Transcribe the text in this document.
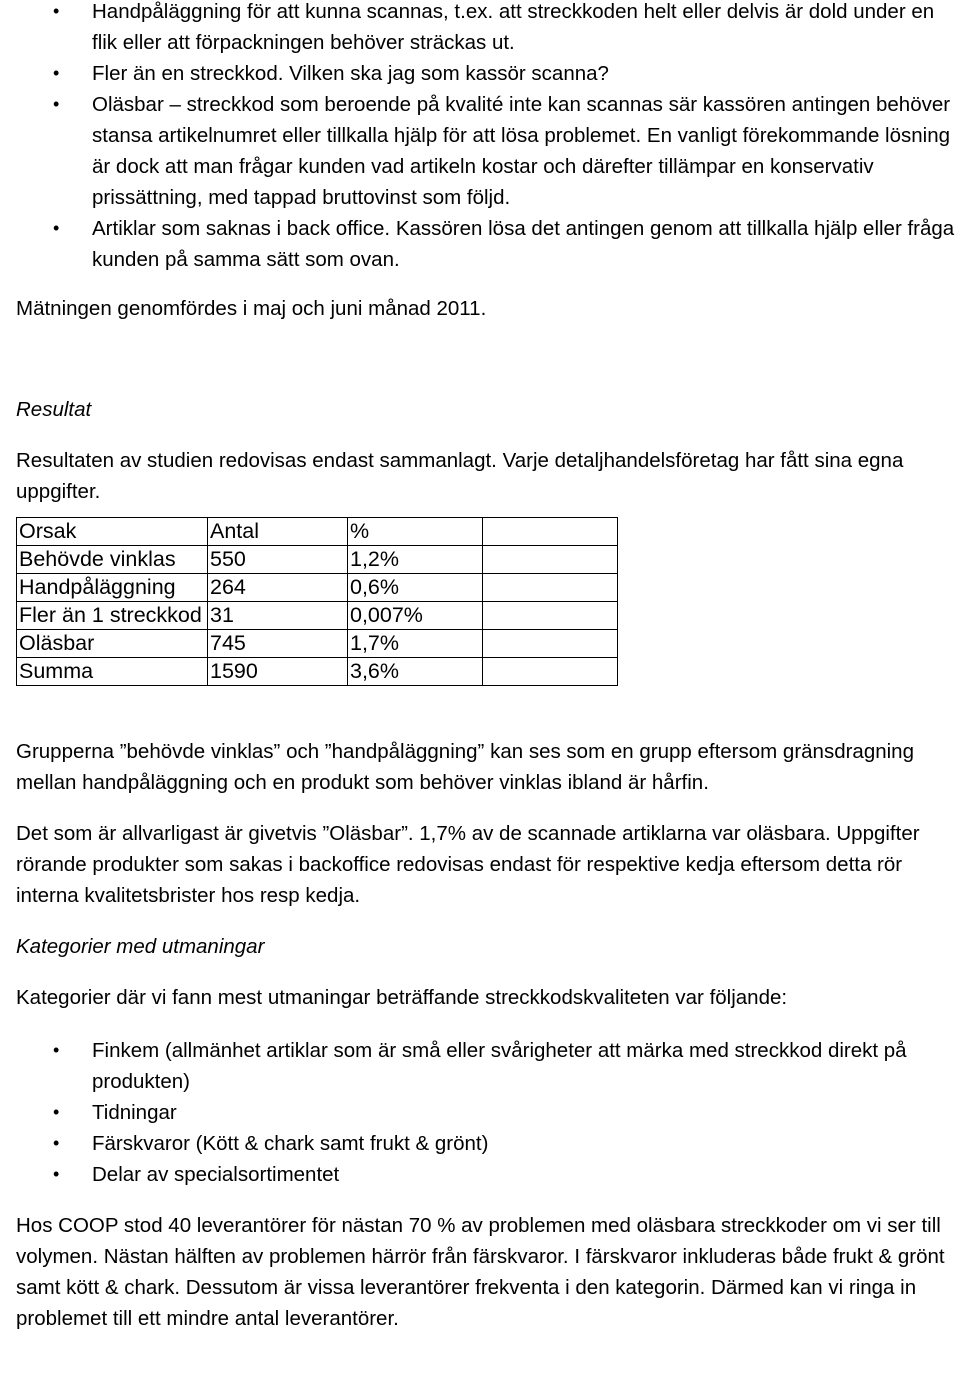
• Handpåläggning för att kunna scannas, t.ex. att streckkoden helt eller delvis är dold under en flik eller att förpackningen behöver sträckas ut.
• Fler än en streckkod. Vilken ska jag som kassör scanna?
• Oläsbar – streckkod som beroende på kvalité inte kan scannas sär kassören antingen behöver stansa artikelnumret eller tillkalla hjälp för att lösa problemet. En vanligt förekommande lösning är dock att man frågar kunden vad artikeln kostar och därefter tillämpar en konservativ prissättning, med tappad bruttovinst som följd.
• Artiklar som saknas i back office. Kassören lösa det antingen genom att tillkalla hjälp eller fråga kunden på samma sätt som ovan.

Mätningen genomfördes i maj och juni månad 2011.

Resultat

Resultaten av studien redovisas endast sammanlagt. Varje detaljhandelsföretag har fått sina egna uppgifter.

Orsak	Antal	%	
Behövde vinklas	550	1,2%	
Handpåläggning	264	0,6%	
Fler än 1 streckkod	31	0,007%	
Oläsbar	745	1,7%	
Summa	1590	3,6%	

Grupperna ”behövde vinklas” och ”handpåläggning” kan ses som en grupp eftersom gränsdragning mellan handpåläggning och en produkt som behöver vinklas ibland är hårfin.

Det som är allvarligast är givetvis ”Oläsbar”. 1,7% av de scannade artiklarna var oläsbara. Uppgifter rörande produkter som sakas i backoffice redovisas endast för respektive kedja eftersom detta rör interna kvalitetsbrister hos resp kedja.

Kategorier med utmaningar

Kategorier där vi fann mest utmaningar beträffande streckkodskvaliteten var följande:

• Finkem (allmänhet artiklar som är små eller svårigheter att märka med streckkod direkt på produkten)
• Tidningar
• Färskvaror (Kött & chark samt frukt & grönt)
• Delar av specialsortimentet

Hos COOP stod 40 leverantörer för nästan 70 % av problemen med oläsbara streckkoder om vi ser till volymen. Nästan hälften av problemen härrör från färskvaror. I färskvaror inkluderas både frukt & grönt samt kött & chark. Dessutom är vissa leverantörer frekventa i den kategorin. Därmed kan vi ringa in problemet till ett mindre antal leverantörer.
